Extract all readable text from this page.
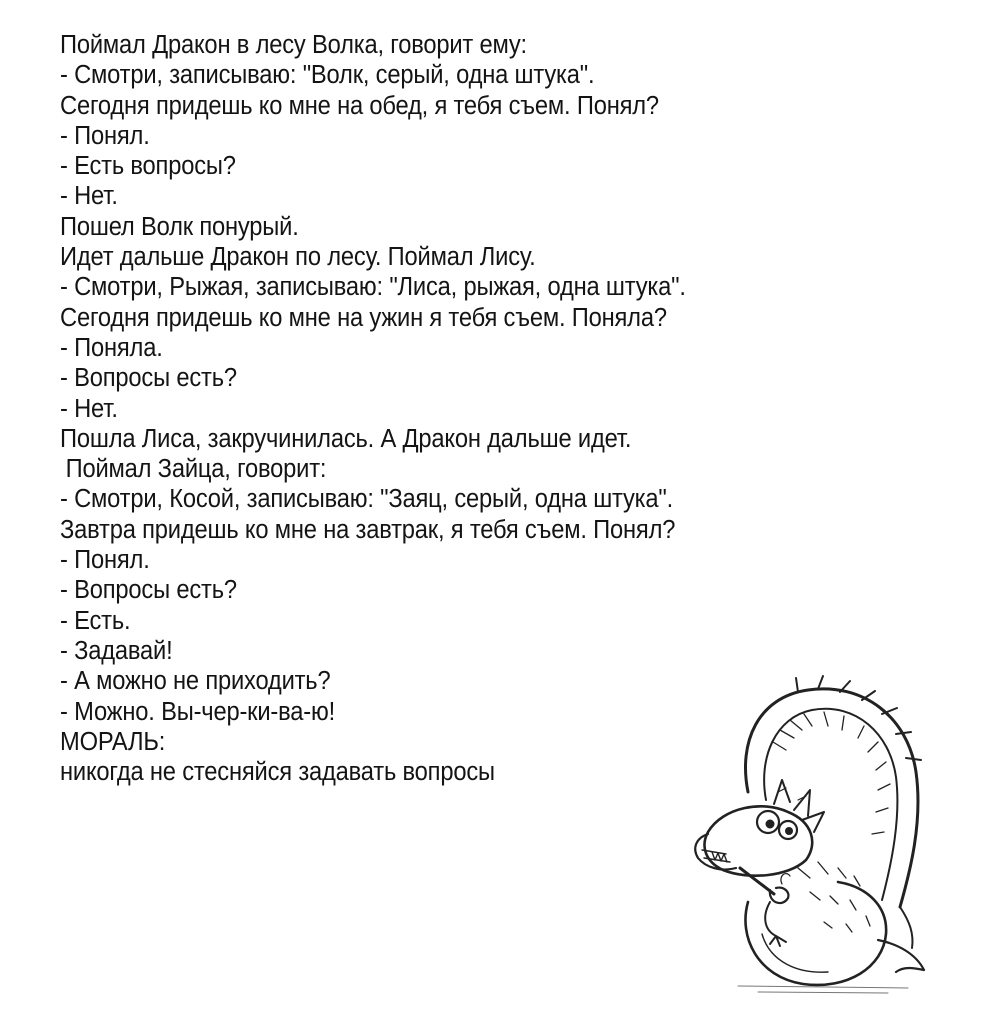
Поймал Дракон в лесу Волка, говорит ему:
- Смотри, записываю: "Волк, серый, одна штука".
Сегодня придешь ко мне на обед, я тебя съем. Понял?
- Понял.
- Есть вопросы?
- Нет.
Пошел Волк понурый.
Идет дальше Дракон по лесу. Поймал Лису.
- Смотри, Рыжая, записываю: "Лиса, рыжая, одна штука".
Сегодня придешь ко мне на ужин я тебя съем. Поняла?
- Поняла.
- Вопросы есть?
- Нет.
Пошла Лиса, закручинилась. А Дракон дальше идет.
Поймал Зайца, говорит:
- Смотри, Косой, записываю: "Заяц, серый, одна штука".
Завтра придешь ко мне на завтрак, я тебя съем. Понял?
- Понял.
- Вопросы есть?
- Есть.
- Задавай!
- А можно не приходить?
- Можно. Вы-чер-ки-ва-ю!
МОРАЛЬ:
никогда не стесняйся задавать вопросы
